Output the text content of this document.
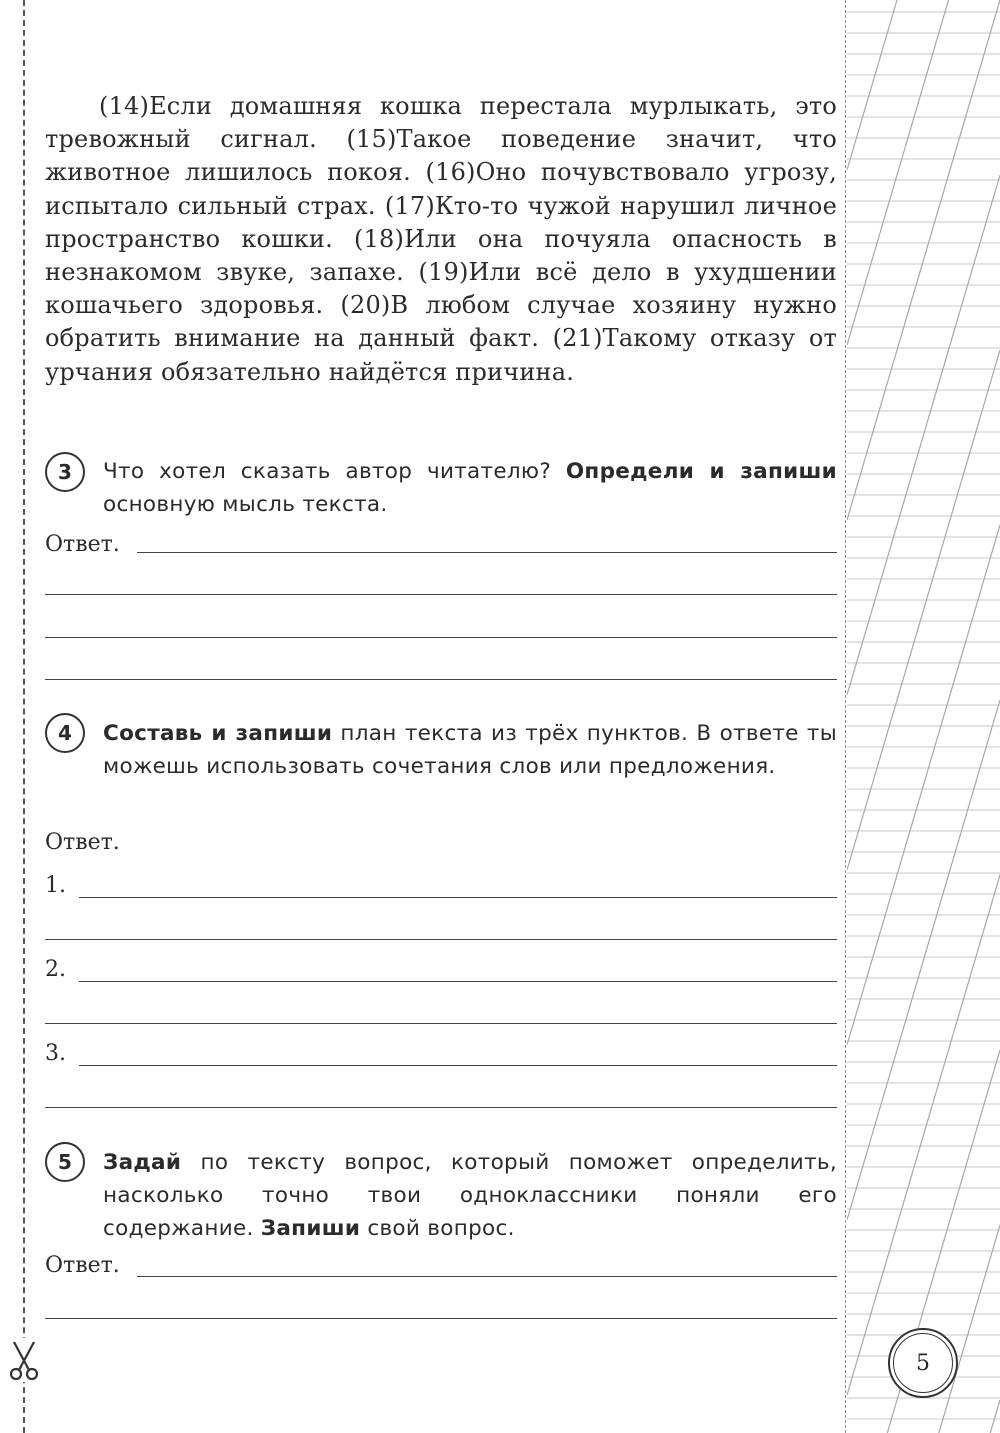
(14)Если домашняя кошка перестала мурлыкать, это тревожный сигнал. (15)Такое поведение значит, что животное лишилось покоя. (16)Оно почувствовало угрозу, испытало сильный страх. (17)Кто-то чужой нарушил личное пространство кошки. (18)Или она почуяла опасность в незнакомом звуке, запахе. (19)Или всё дело в ухудшении кошачьего здоровья. (20)В любом случае хозяину нужно обратить внимание на данный факт. (21)Такому отказу от урчания обязательно найдётся причина.

3	Что хотел сказать автор читателю? Определи и запиши основную мысль текста.

Ответ.
4	Составь и запиши план текста из трёх пунктов. В ответе ты можешь использовать сочетания слов или предложения.

Ответ.
1.
2.
3.
5	Задай по тексту вопрос, который поможет определить, насколько точно твои одноклассники поняли его содержание. Запиши свой вопрос.

Ответ.
5
